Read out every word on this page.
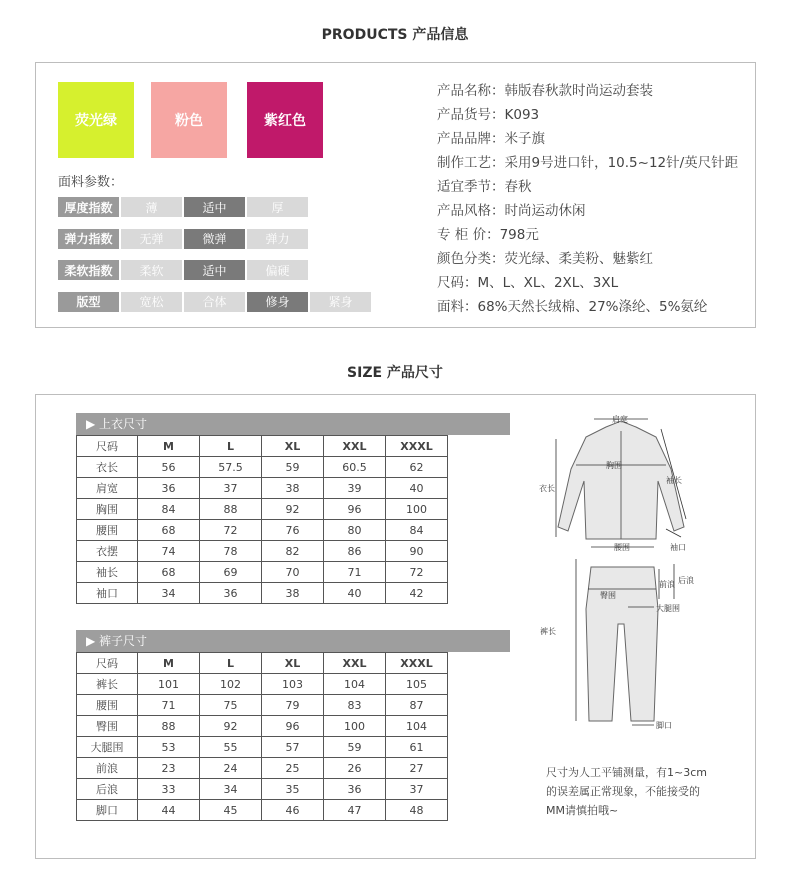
PRODUCTS 产品信息
荧光绿	粉色	紫红色
面料参数：
厚度指数	薄	适中	厚
弹力指数	无弹	微弹	弹力
柔软指数	柔软	适中	偏硬
版型	宽松	合体	修身	紧身
产品名称：韩版春秋款时尚运动套装
产品货号：K093
产品品牌：米子旗
制作工艺：采用9号进口针，10.5~12针/英尺针距
适宜季节：春秋
产品风格：时尚运动休闲
专 柜 价：798元
颜色分类：荧光绿、柔美粉、魅紫红
尺码：M、L、XL、2XL、3XL
面料：68%天然长绒棉、27%涤纶、5%氨纶
SIZE 产品尺寸
▶ 上衣尺寸
尺码	M	L	XL	XXL	XXXL
衣长	56	57.5	59	60.5	62
肩宽	36	37	38	39	40
胸围	84	88	92	96	100
腰围	68	72	76	80	84
衣摆	74	78	82	86	90
袖长	68	69	70	71	72
袖口	34	36	38	40	42
▶ 裤子尺寸
尺码	M	L	XL	XXL	XXXL
裤长	101	102	103	104	105
腰围	71	75	79	83	87
臀围	88	92	96	100	104
大腿围	53	55	57	59	61
前浪	23	24	25	26	27
后浪	33	34	35	36	37
脚口	44	45	46	47	48
肩宽
胸围
袖长
衣长
腰围	袖口
前浪 后浪
臀围
大腿围
裤长
脚口
尺寸为人工平铺测量，有1~3cm
的误差属正常现象，不能接受的
MM请慎拍哦~
